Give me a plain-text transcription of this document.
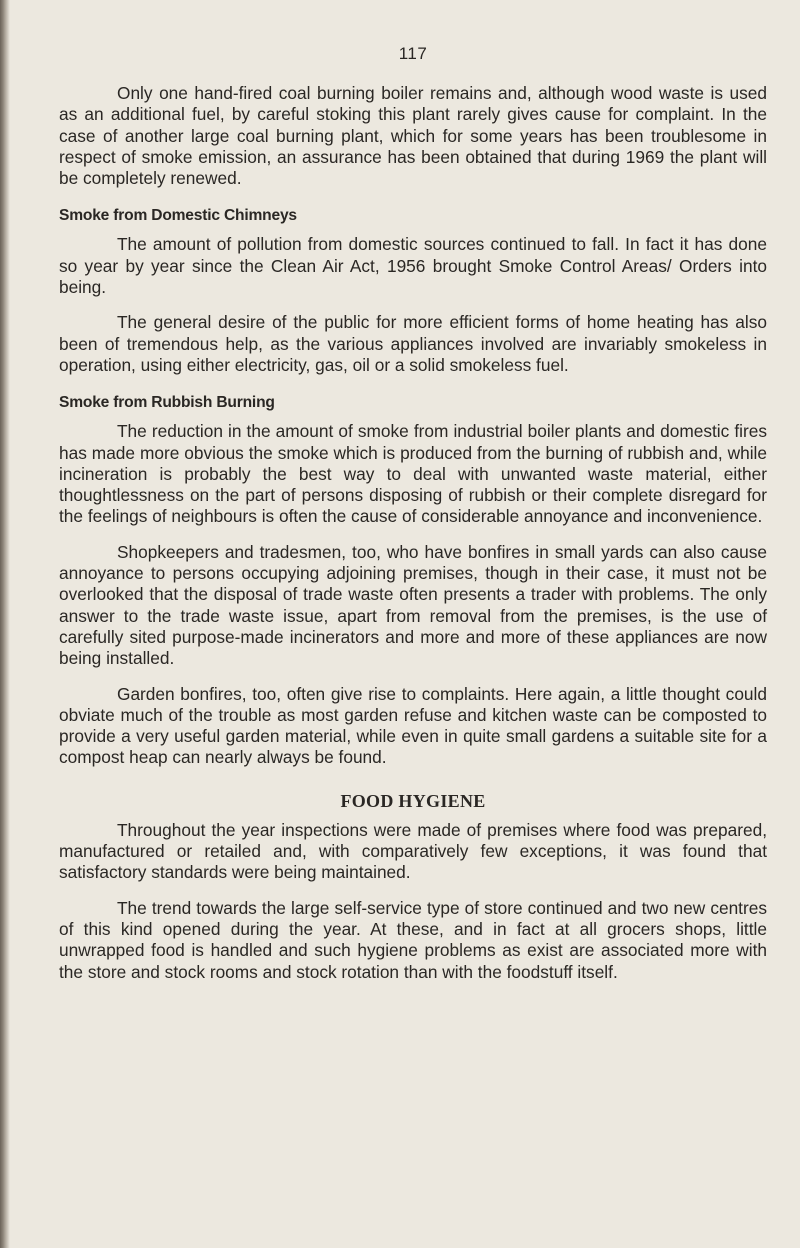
117

Only one hand-fired coal burning boiler remains and, although wood waste is used as an additional fuel, by careful stoking this plant rarely gives cause for complaint. In the case of another large coal burning plant, which for some years has been troublesome in respect of smoke emission, an assurance has been obtained that during 1969 the plant will be completely renewed.

Smoke from Domestic Chimneys

The amount of pollution from domestic sources continued to fall. In fact it has done so year by year since the Clean Air Act, 1956 brought Smoke Control Areas/ Orders into being.

The general desire of the public for more efficient forms of home heating has also been of tremendous help, as the various appliances involved are invariably smokeless in operation, using either electricity, gas, oil or a solid smokeless fuel.

Smoke from Rubbish Burning

The reduction in the amount of smoke from industrial boiler plants and domestic fires has made more obvious the smoke which is produced from the burning of rubbish and, while incineration is probably the best way to deal with unwanted waste material, either thoughtlessness on the part of persons disposing of rubbish or their complete disregard for the feelings of neighbours is often the cause of considerable annoyance and inconvenience.

Shopkeepers and tradesmen, too, who have bonfires in small yards can also cause annoyance to persons occupying adjoining premises, though in their case, it must not be overlooked that the disposal of trade waste often presents a trader with problems. The only answer to the trade waste issue, apart from removal from the premises, is the use of carefully sited purpose-made incinerators and more and more of these appliances are now being installed.

Garden bonfires, too, often give rise to complaints. Here again, a little thought could obviate much of the trouble as most garden refuse and kitchen waste can be composted to provide a very useful garden material, while even in quite small gardens a suitable site for a compost heap can nearly always be found.

FOOD HYGIENE

Throughout the year inspections were made of premises where food was prepared, manufactured or retailed and, with comparatively few exceptions, it was found that satisfactory standards were being maintained.

The trend towards the large self-service type of store continued and two new centres of this kind opened during the year. At these, and in fact at all grocers shops, little unwrapped food is handled and such hygiene problems as exist are associated more with the store and stock rooms and stock rotation than with the foodstuff itself.
